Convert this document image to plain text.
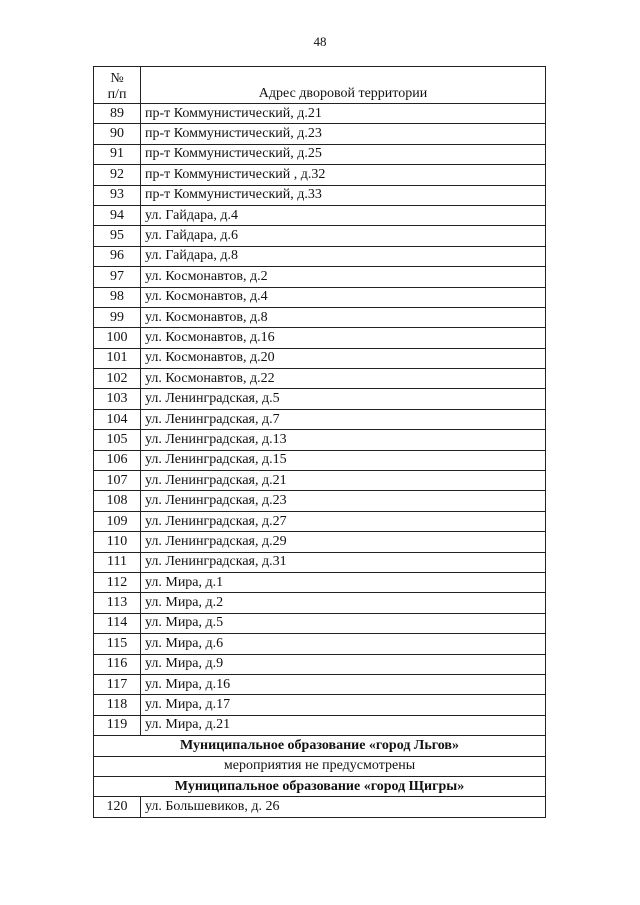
48
№
п/п	Адрес дворовой территории
89	пр-т Коммунистический, д.21
90	пр-т Коммунистический, д.23
91	пр-т Коммунистический, д.25
92	пр-т Коммунистический , д.32
93	пр-т Коммунистический, д.33
94	ул. Гайдара, д.4
95	ул. Гайдара, д.6
96	ул. Гайдара, д.8
97	ул. Космонавтов, д.2
98	ул. Космонавтов, д.4
99	ул. Космонавтов, д.8
100	ул. Космонавтов, д.16
101	ул. Космонавтов, д.20
102	ул. Космонавтов, д.22
103	ул. Ленинградская, д.5
104	ул. Ленинградская, д.7
105	ул. Ленинградская, д.13
106	ул. Ленинградская, д.15
107	ул. Ленинградская, д.21
108	ул. Ленинградская, д.23
109	ул. Ленинградская, д.27
110	ул. Ленинградская, д.29
111	ул. Ленинградская, д.31
112	ул. Мира, д.1
113	ул. Мира, д.2
114	ул. Мира, д.5
115	ул. Мира, д.6
116	ул. Мира, д.9
117	ул. Мира, д.16
118	ул. Мира, д.17
119	ул. Мира, д.21
Муниципальное образование «город Льгов»	
мероприятия не предусмотрены	
Муниципальное образование «город Щигры»	
120	ул. Большевиков, д. 26
